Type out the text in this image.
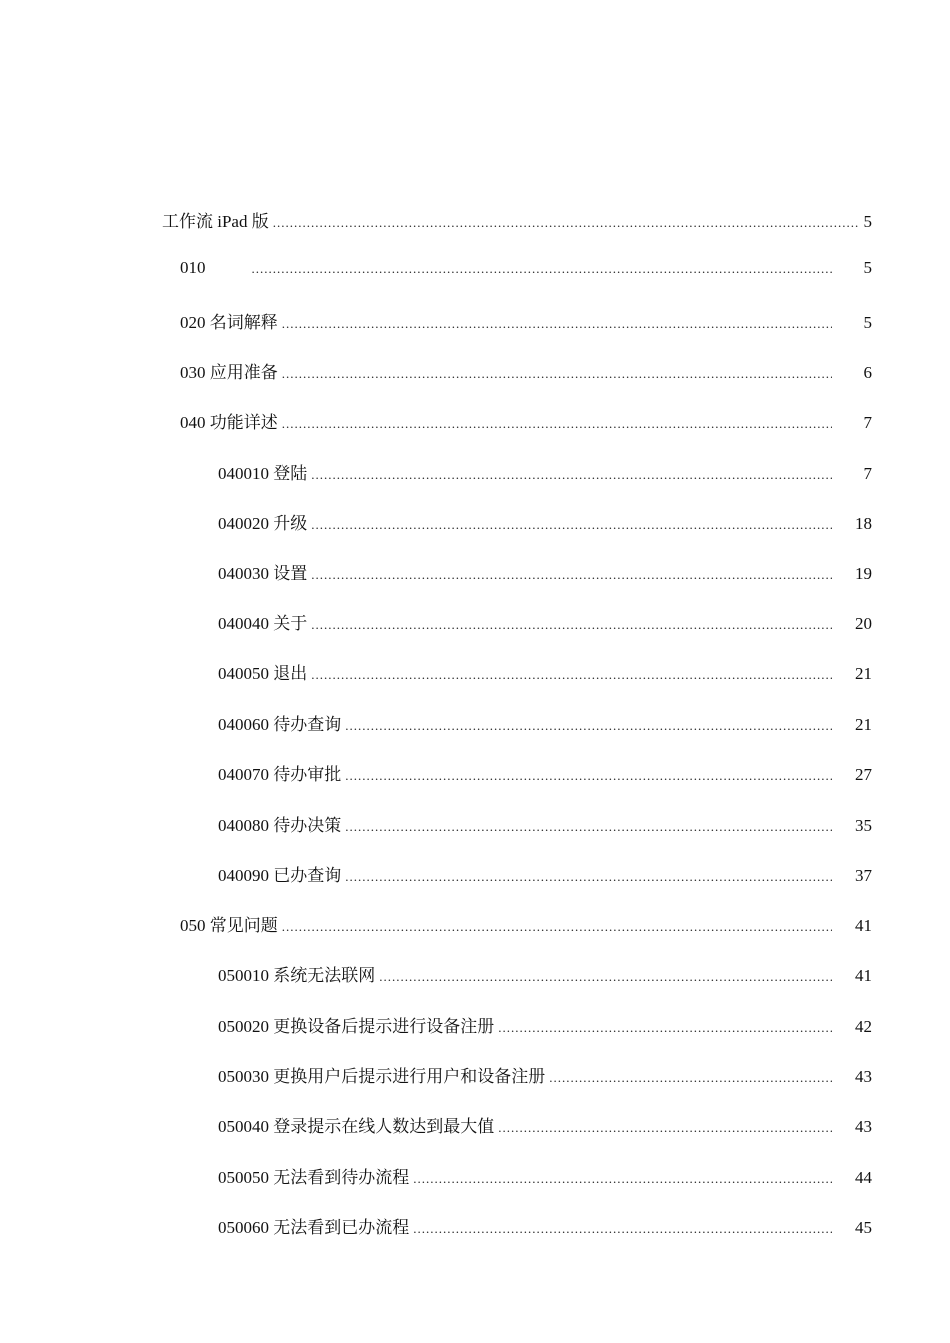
工作流 iPad 版 .....	5
010 .....	5
020 名词解释 .....	5
030 应用准备 .....	6
040 功能详述 .....	7
040010 登陆 .....	7
040020 升级 .....	18
040030 设置 .....	19
040040 关于 .....	20
040050 退出 .....	21
040060 待办查询 .....	21
040070 待办审批 .....	27
040080 待办决策 .....	35
040090 已办查询 .....	37
050 常见问题 .....	41
050010 系统无法联网 .....	41
050020 更换设备后提示进行设备注册 .....	42
050030 更换用户后提示进行用户和设备注册 .....	43
050040 登录提示在线人数达到最大值 .....	43
050050 无法看到待办流程 .....	44
050060 无法看到已办流程 .....	45
